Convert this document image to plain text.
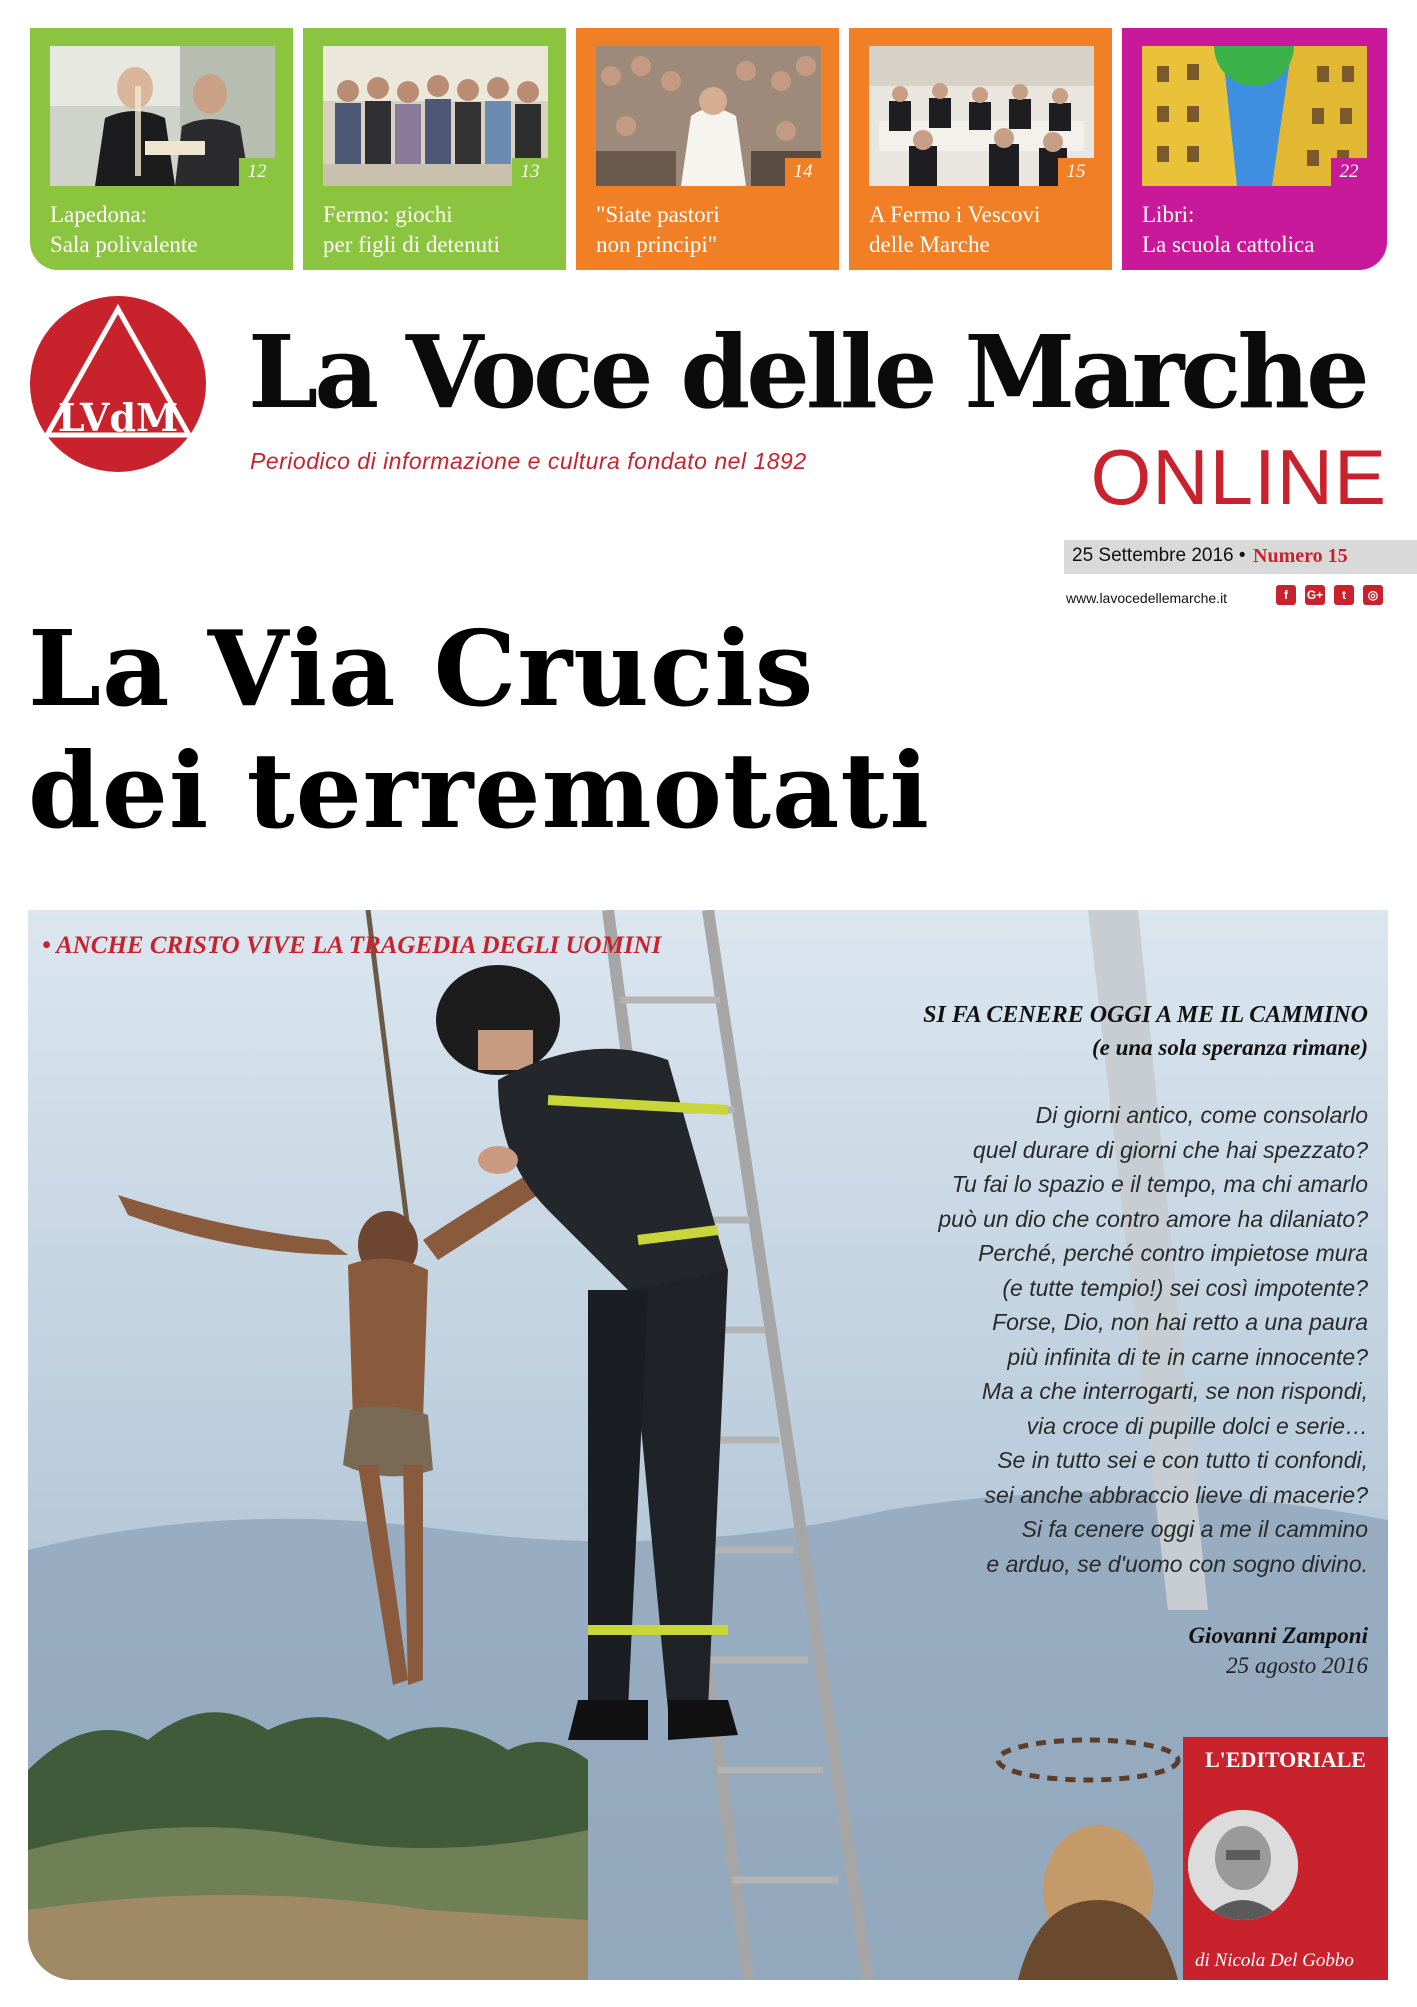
12
Lapedona:
Sala polivalente
13
Fermo: giochi
per figli di detenuti
14
"Siate pastori
non principi"
15
A Fermo i Vescovi
delle Marche
22
Libri:
La scuola cattolica
LVdM La Voce delle Marche
Periodico di informazione e cultura fondato nel 1892	ONLINE
25 Settembre 2016 • Numero 15
www.lavocedellemarche.it	f G+ t ◎
La Via Crucis
dei terremotati
• ANCHE CRISTO VIVE LA TRAGEDIA DEGLI UOMINI
SI FA CENERE OGGI A ME IL CAMMINO
(e una sola speranza rimane)
Di giorni antico, come consolarlo
quel durare di giorni che hai spezzato?
Tu fai lo spazio e il tempo, ma chi amarlo
può un dio che contro amore ha dilaniato?
Perché, perché contro impietose mura
(e tutte tempio!) sei così impotente?
Forse, Dio, non hai retto a una paura
più infinita di te in carne innocente?
Ma a che interrogarti, se non rispondi,
via croce di pupille dolci e serie…
Se in tutto sei e con tutto ti confondi,
sei anche abbraccio lieve di macerie?
Si fa cenere oggi a me il cammino
e arduo, se d'uomo con sogno divino.
Giovanni Zamponi
25 agosto 2016
L'EDITORIALE
di Nicola Del Gobbo
